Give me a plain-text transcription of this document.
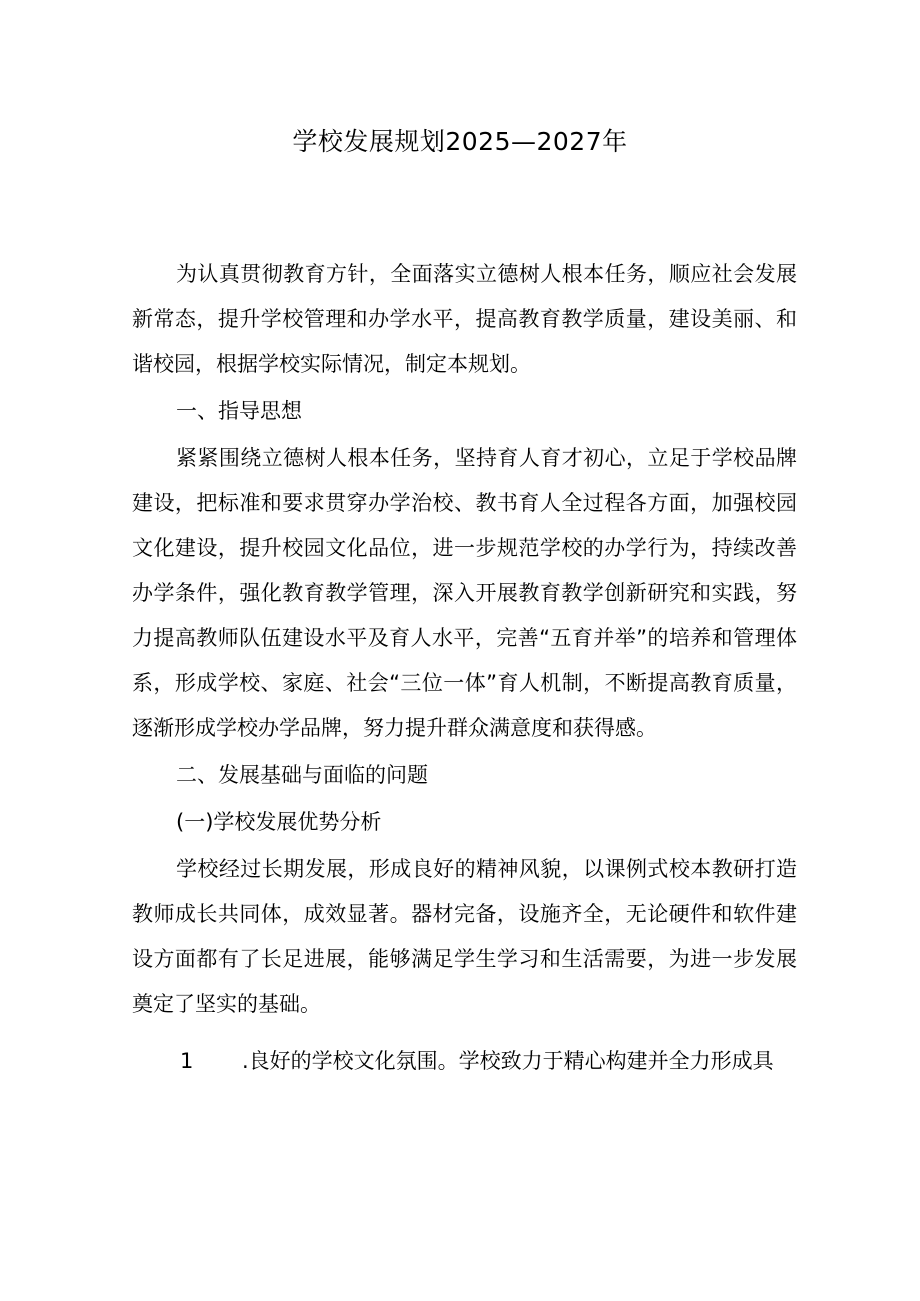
学校发展规划2025—2027年

为认真贯彻教育方针，全面落实立德树人根本任务，顺应社会发展新常态，提升学校管理和办学水平，提高教育教学质量，建设美丽、和谐校园，根据学校实际情况，制定本规划。

一、指导思想

紧紧围绕立德树人根本任务，坚持育人育才初心，立足于学校品牌建设，把标准和要求贯穿办学治校、教书育人全过程各方面，加强校园文化建设，提升校园文化品位，进一步规范学校的办学行为，持续改善办学条件，强化教育教学管理，深入开展教育教学创新研究和实践，努力提高教师队伍建设水平及育人水平，完善“五育并举”的培养和管理体系，形成学校、家庭、社会“三位一体”育人机制，不断提高教育质量，逐渐形成学校办学品牌，努力提升群众满意度和获得感。

二、发展基础与面临的问题

(一)学校发展优势分析

学校经过长期发展，形成良好的精神风貌，以课例式校本教研打造教师成长共同体，成效显著。器材完备，设施齐全，无论硬件和软件建设方面都有了长足进展，能够满足学生学习和生活需要，为进一步发展奠定了坚实的基础。

1 .良好的学校文化氛围。学校致力于精心构建并全力形成具
